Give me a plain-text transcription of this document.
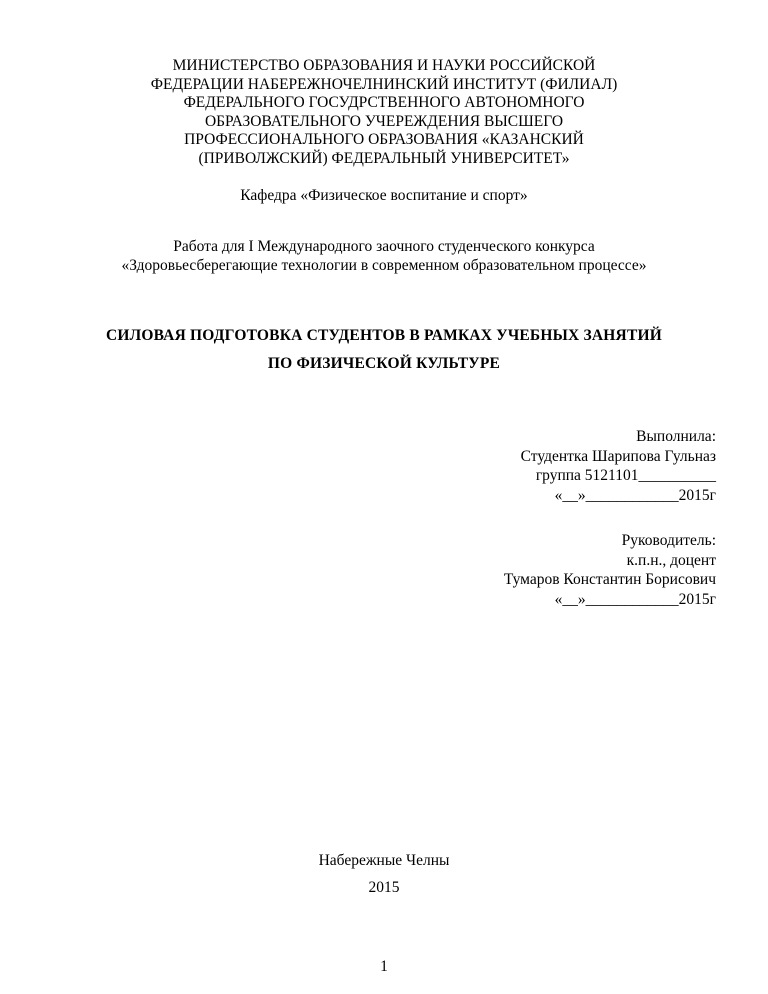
МИНИСТЕРСТВО ОБРАЗОВАНИЯ И НАУКИ РОССИЙСКОЙ
ФЕДЕРАЦИИ НАБЕРЕЖНОЧЕЛНИНСКИЙ ИНСТИТУТ (ФИЛИАЛ)
ФЕДЕРАЛЬНОГО ГОСУДРСТВЕННОГО АВТОНОМНОГО
ОБРАЗОВАТЕЛЬНОГО УЧЕРЕЖДЕНИЯ ВЫСШЕГО
ПРОФЕССИОНАЛЬНОГО ОБРАЗОВАНИЯ «КАЗАНСКИЙ
(ПРИВОЛЖСКИЙ) ФЕДЕРАЛЬНЫЙ УНИВЕРСИТЕТ»
Кафедра «Физическое воспитание и спорт»
Работа для I Международного заочного студенческого конкурса
«Здоровьесберегающие технологии в современном образовательном процессе»
СИЛОВАЯ ПОДГОТОВКА СТУДЕНТОВ В РАМКАХ УЧЕБНЫХ ЗАНЯТИЙ
ПО ФИЗИЧЕСКОЙ КУЛЬТУРЕ
Выполнила:
Студентка Шарипова Гульназ
группа 5121101__________
«__»____________2015г
Руководитель:
к.п.н., доцент
Тумаров Константин Борисович
«__»____________2015г
Набережные Челны
2015
1
